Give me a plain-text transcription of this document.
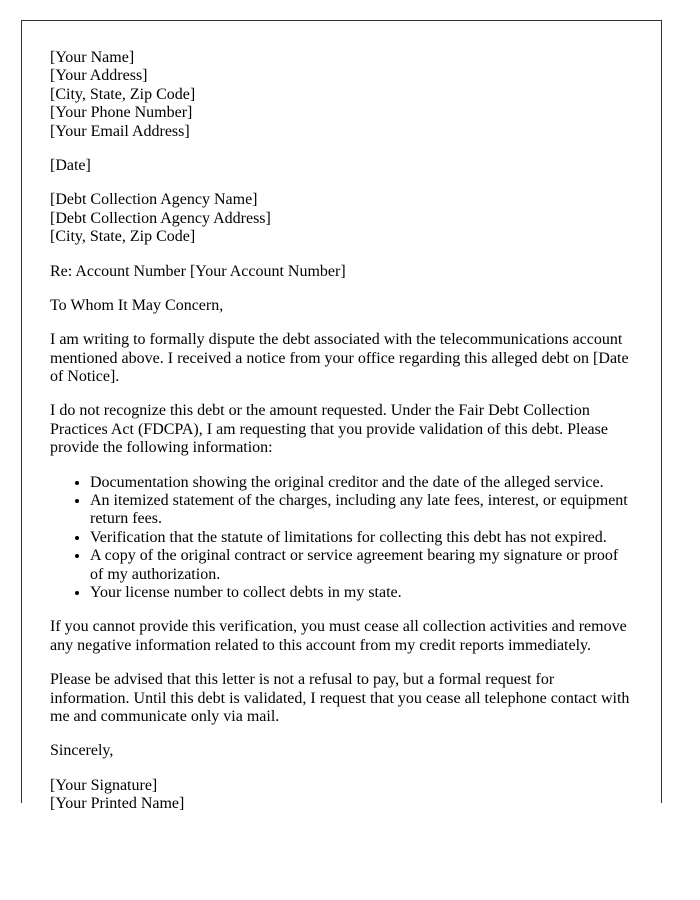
[Your Name]
[Your Address]
[City, State, Zip Code]
[Your Phone Number]
[Your Email Address]
[Date]
[Debt Collection Agency Name]
[Debt Collection Agency Address]
[City, State, Zip Code]
Re: Account Number [Your Account Number]
To Whom It May Concern,
I am writing to formally dispute the debt associated with the telecommunications account mentioned above. I received a notice from your office regarding this alleged debt on [Date of Notice].
I do not recognize this debt or the amount requested. Under the Fair Debt Collection Practices Act (FDCPA), I am requesting that you provide validation of this debt. Please provide the following information:
• Documentation showing the original creditor and the date of the alleged service.
• An itemized statement of the charges, including any late fees, interest, or equipment return fees.
• Verification that the statute of limitations for collecting this debt has not expired.
• A copy of the original contract or service agreement bearing my signature or proof of my authorization.
• Your license number to collect debts in my state.
If you cannot provide this verification, you must cease all collection activities and remove any negative information related to this account from my credit reports immediately.
Please be advised that this letter is not a refusal to pay, but a formal request for information. Until this debt is validated, I request that you cease all telephone contact with me and communicate only via mail.
Sincerely,
[Your Signature]
[Your Printed Name]
